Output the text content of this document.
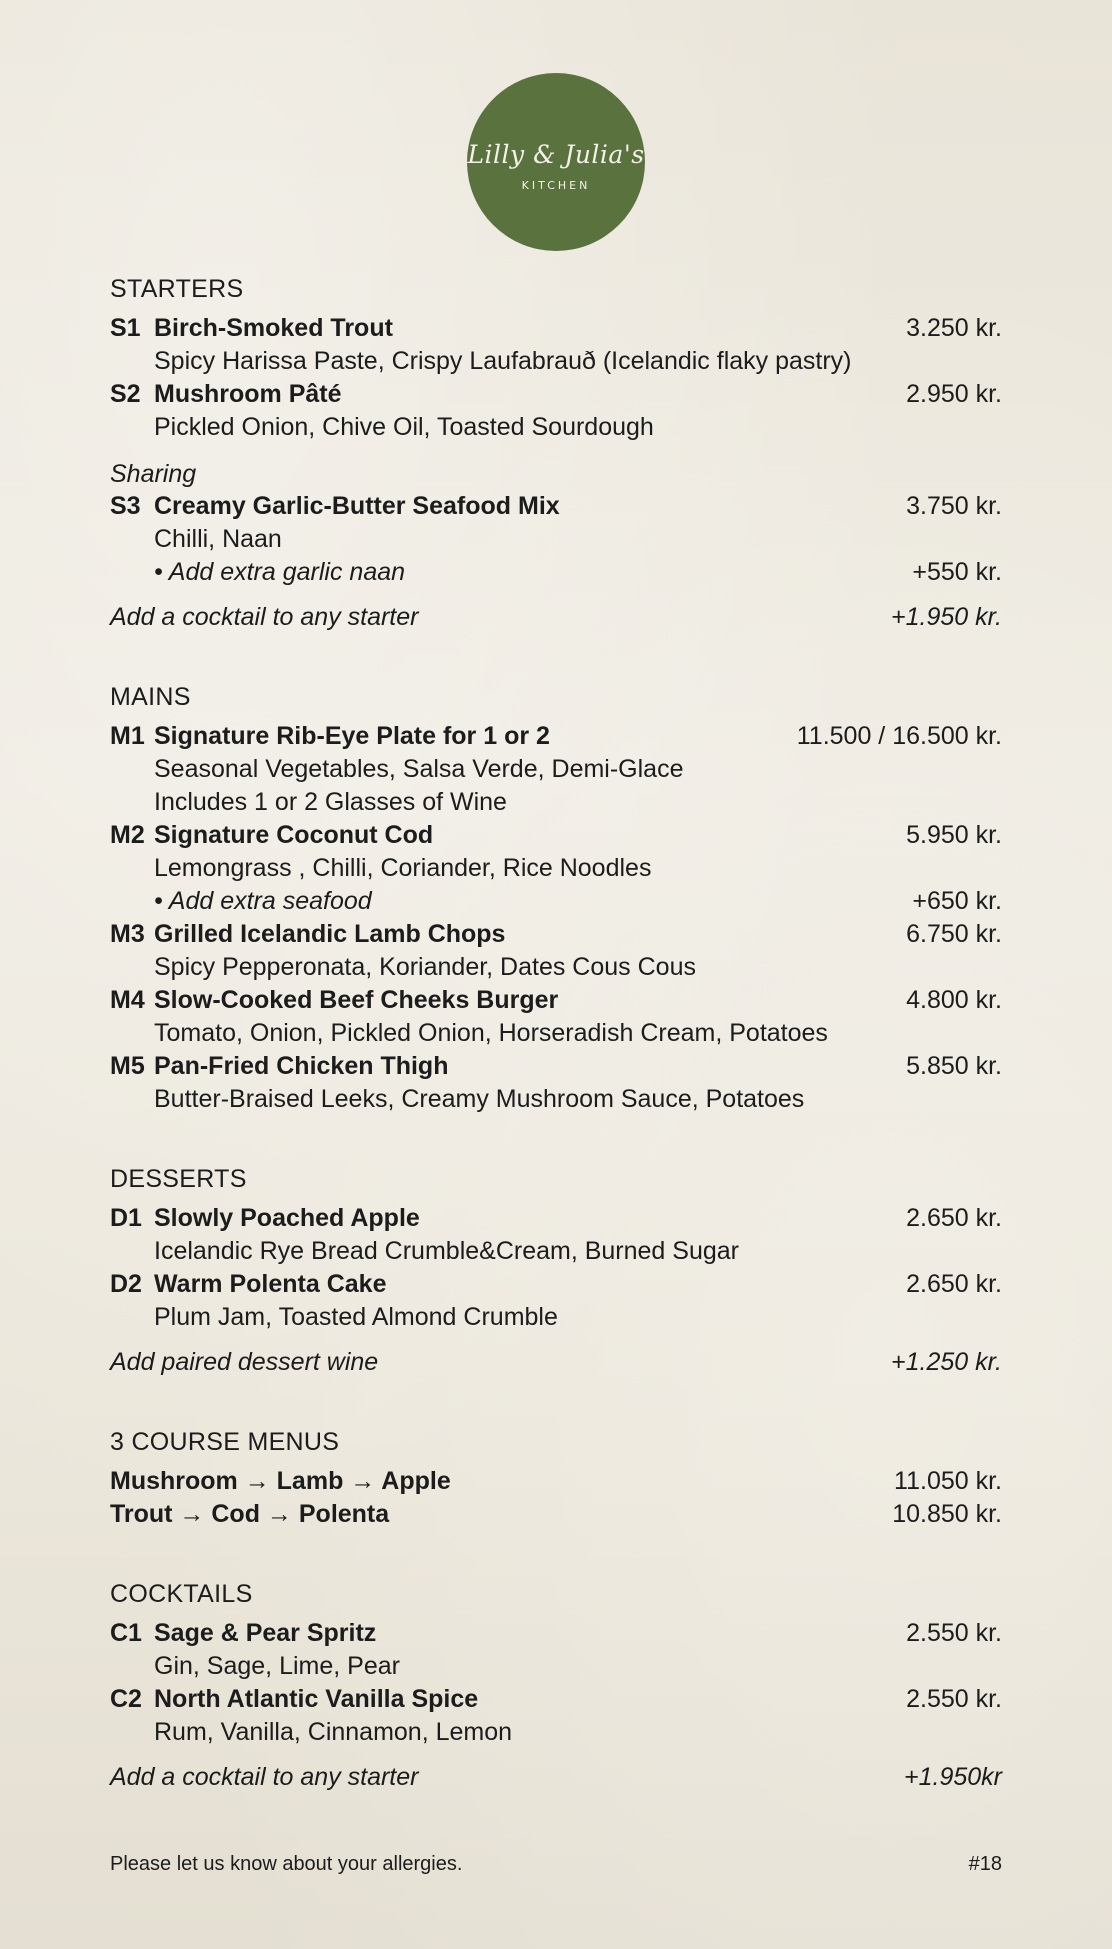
Lilly & Julia's
KITCHEN
STARTERS
S1 Birch-Smoked Trout	3.250 kr.
Spicy Harissa Paste, Crispy Laufabrauð (Icelandic flaky pastry)
S2 Mushroom Pâté	2.950 kr.
Pickled Onion, Chive Oil, Toasted Sourdough
Sharing
S3 Creamy Garlic-Butter Seafood Mix	3.750 kr.
Chilli, Naan
• Add extra garlic naan	+550 kr.
Add a cocktail to any starter	+1.950 kr.
MAINS
M1 Signature Rib-Eye Plate for 1 or 2	11.500 / 16.500 kr.
Seasonal Vegetables, Salsa Verde, Demi-Glace
Includes 1 or 2 Glasses of Wine
M2 Signature Coconut Cod	5.950 kr.
Lemongrass , Chilli, Coriander, Rice Noodles
• Add extra seafood	+650 kr.
M3 Grilled Icelandic Lamb Chops	6.750 kr.
Spicy Pepperonata, Koriander, Dates Cous Cous
M4 Slow-Cooked Beef Cheeks Burger	4.800 kr.
Tomato, Onion, Pickled Onion, Horseradish Cream, Potatoes
M5 Pan-Fried Chicken Thigh	5.850 kr.
Butter-Braised Leeks, Creamy Mushroom Sauce, Potatoes
DESSERTS
D1 Slowly Poached Apple	2.650 kr.
Icelandic Rye Bread Crumble&Cream, Burned Sugar
D2 Warm Polenta Cake	2.650 kr.
Plum Jam, Toasted Almond Crumble
Add paired dessert wine	+1.250 kr.
3 COURSE MENUS
Mushroom → Lamb → Apple	11.050 kr.
Trout → Cod → Polenta	10.850 kr.
COCKTAILS
C1 Sage & Pear Spritz	2.550 kr.
Gin, Sage, Lime, Pear
C2 North Atlantic Vanilla Spice	2.550 kr.
Rum, Vanilla, Cinnamon, Lemon
Add a cocktail to any starter	+1.950kr
Please let us know about your allergies.	#18
